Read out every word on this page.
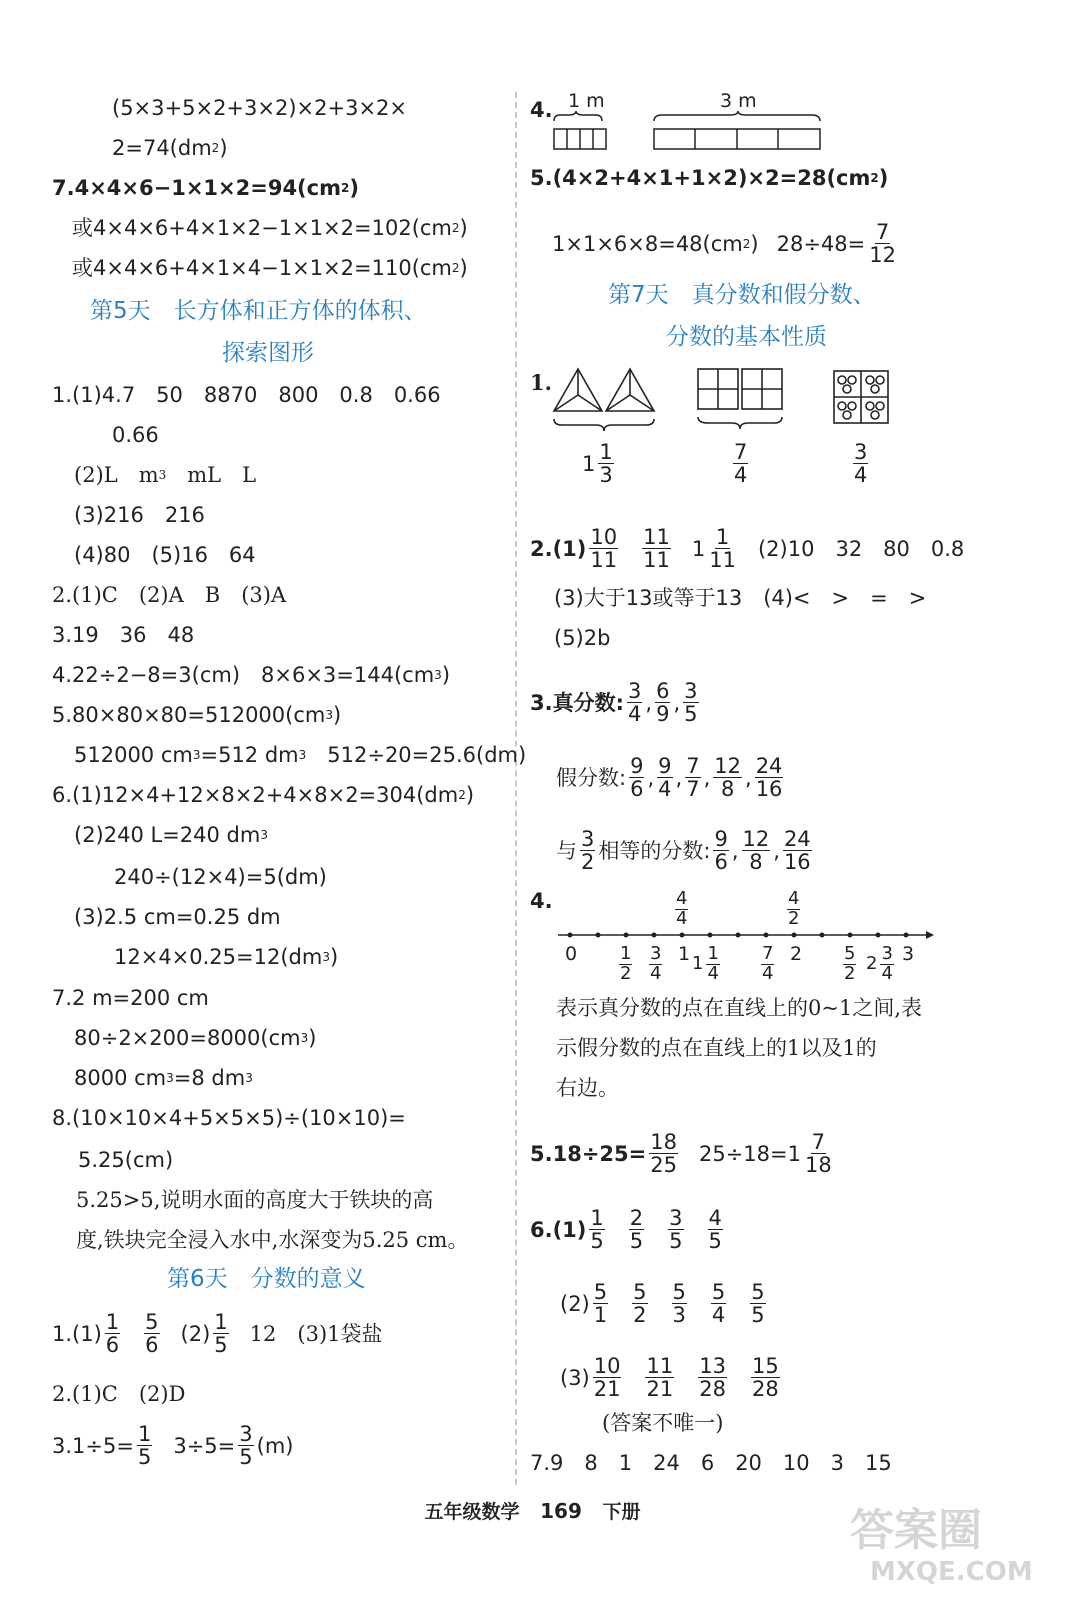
(5×3+5×2+3×2)×2+3×2×
2=74(dm 2 )
7.4×4×6−1×1×2=94(cm 2 )
或4×4×6+4×1×2−1×1×2=102(cm 2 )
或4×4×6+4×1×4−1×1×2=110(cm 2 )
第5天　长方体和正方体的体积、
探索图形
1.(1)4.7　50　8870　800　0.8　0.66
0.66
(2)L　m 3 　mL　L
(3)216　216
(4)80　(5)16　64
2.(1)C　(2)A　B　(3)A
3.19　36　48
4.22÷2−8=3(cm)　8×6×3=144(cm 3 )
5.80×80×80=512000(cm 3 )
512000 cm 3 =512 dm 3 　512÷20=25.6(dm)
6.(1)12×4+12×8×2+4×8×2=304(dm 2 )
(2)240 L=240 dm 3
240÷(12×4)=5(dm)
(3)2.5 cm=0.25 dm
12×4×0.25=12(dm 3 )
7.2 m=200 cm
80÷2×200=8000(cm 3 )
8000 cm 3 =8 dm 3
8.(10×10×4+5×5×5)÷(10×10)=
5.25(cm)
5.25>5,说明水面的高度大于铁块的高
度,铁块完全浸入水中,水深变为5.25 cm。
第6天　分数的意义
$1.(1) \frac{1}{6} \frac{5}{6} (2) \frac{1}{5} 12$　(3)1袋盐
2.(1)C　(2)D
$3.1\div 5= \frac{1}{5} 3\div 5= \frac{3}{5} (m)$
4. 1 m	3 m
5.(4×2+4×1+1×2)×2=28(cm 2 )
1×1×6×8=48(cm 2 ) $28\div 48= \frac{7}{12}$
第7天　真分数和假分数、
分数的基本性质
1.
$1 \frac{1}{3}$	$\frac{7}{4}$	$\frac{3}{4}$
$2.(1) \frac{10}{11} \frac{11}{11} 1 \frac{1}{11} (2)10$　32　80　0.8
(3)大于13或等于13　(4)<　>　=　>
(5)2b
3.真分数: $\frac{3}{4}$ , $\frac{6}{9}$ , $\frac{3}{5}$
假分数: $\frac{9}{6}$ , $\frac{9}{4}$ , $\frac{7}{7}$ , $\frac{12}{8}$ , $\frac{24}{16}$
与 $\frac{3}{2}$ 相等的分数: $\frac{9}{6}$ , $\frac{12}{8}$ , $\frac{24}{16}$
4.	$\frac{4}{4}$	$\frac{4}{2}$
$0 \frac{1}{2} \frac{3}{4} 1$ $1 \frac{1}{4} \frac{7}{4} 2 \frac{5}{2} 2 \frac{3}{4} 3$
表示真分数的点在直线上的0~1之间,表
示假分数的点在直线上的1以及1的
右边。
$5.18\div 25= \frac{18}{25} 25\div 18=1 \frac{7}{18}$
$6.(1) \frac{1}{5} \frac{2}{5} \frac{3}{5} \frac{4}{5}$
$(2) \frac{5}{1} \frac{5}{2} \frac{5}{3} \frac{5}{4} \frac{5}{5}$
$(3) \frac{10}{21} \frac{11}{21} \frac{13}{28} \frac{15}{28}$
(答案不唯一)
7.9　8　1　24　6　20　10　3　15
五年级数学 169 下册	答案圈
MXQE.COM
